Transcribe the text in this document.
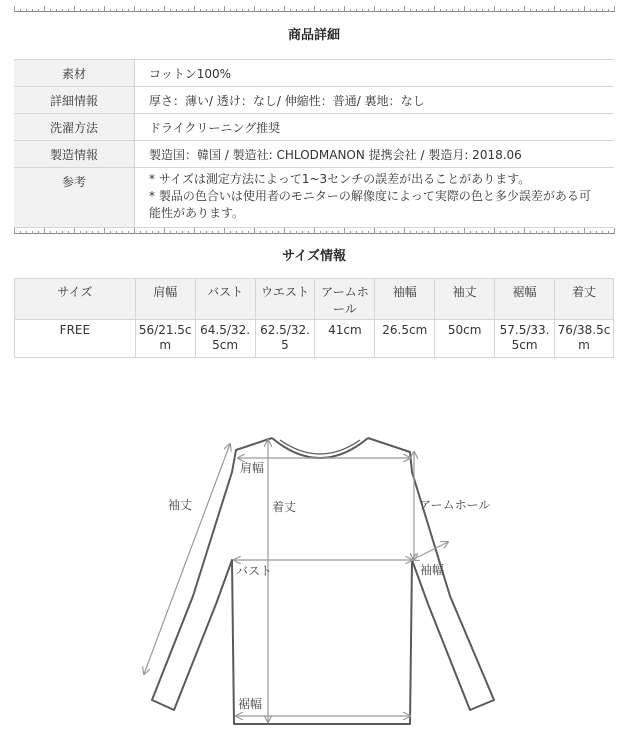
商品詳細
素材	コットン100%
詳細情報	厚さ：薄い/ 透け：なし/ 伸縮性：普通/ 裏地：なし
洗濯方法	ドライクリーニング推奨
製造情報	製造国：韓国 / 製造社: CHLODMANON 提携会社 / 製造月: 2018.06
参考	* サイズは測定方法によって1~3センチの誤差が出ることがあります。
* 製品の色合いは使用者のモニターの解像度によって実際の色と多少誤差がある可
能性があります。
サイズ情報
サイズ	肩幅	バスト	ウエスト	アームホール	袖幅	袖丈	裾幅	着丈
FREE	56/21.5cm	64.5/32.5cm	62.5/32.5	41cm	26.5cm	50cm	57.5/33.5cm	76/38.5cm
袖丈
肩幅
着丈	アームホール
バスト	袖幅
裾幅
